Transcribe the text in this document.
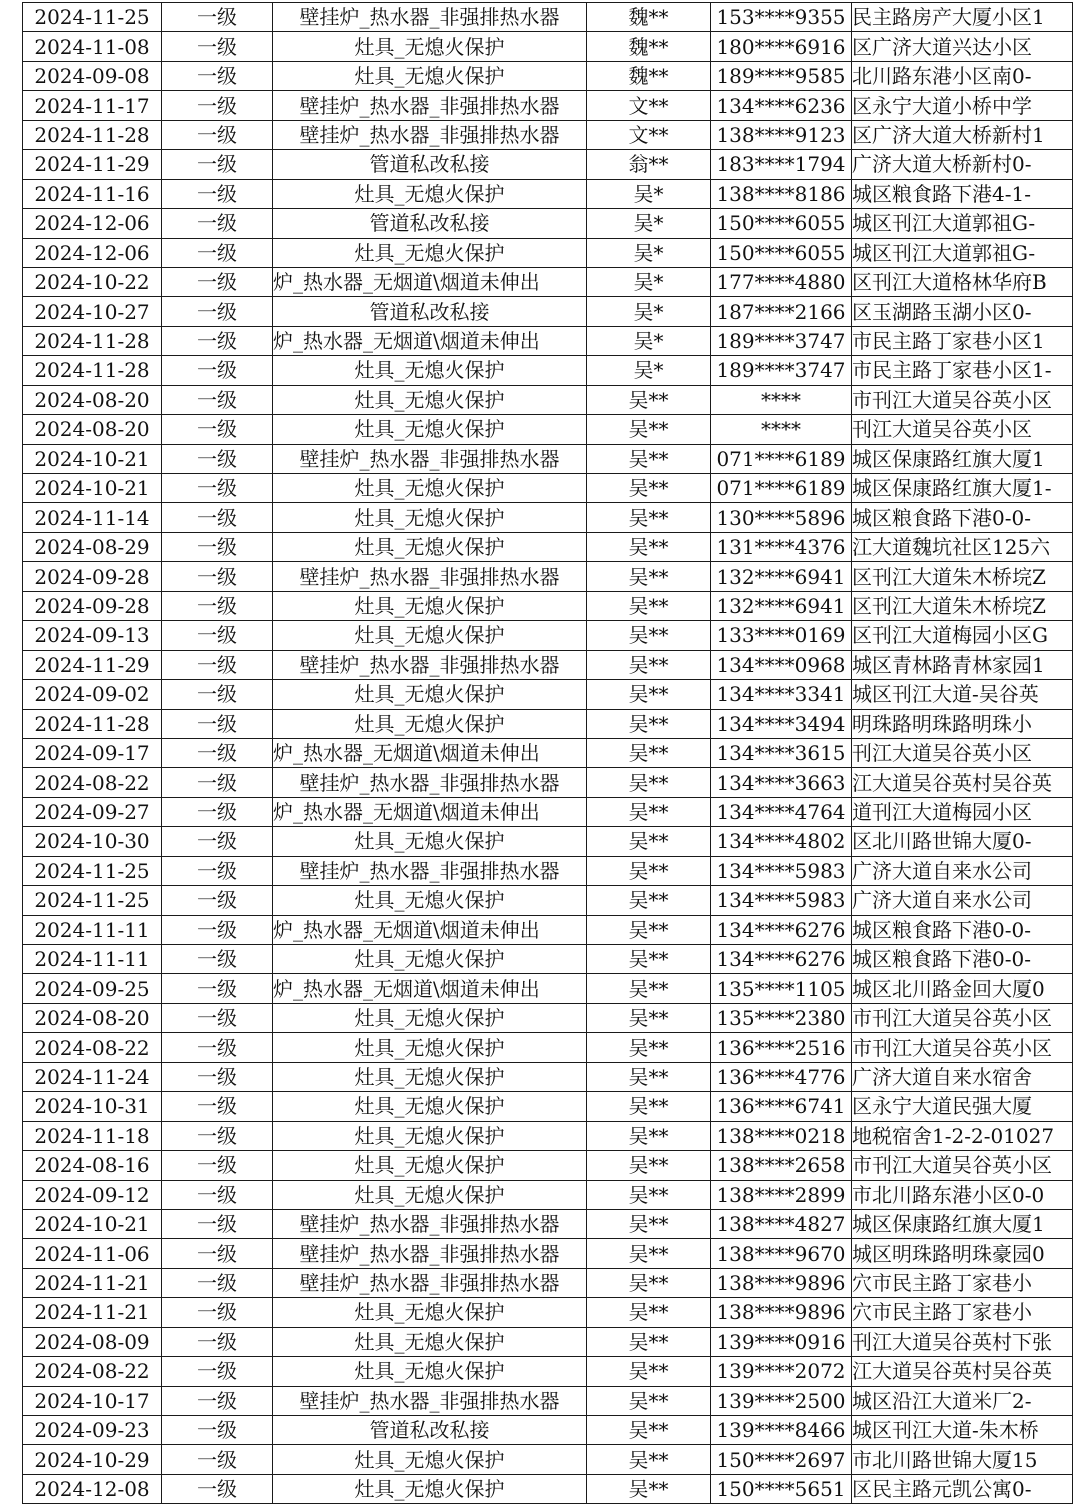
2024-11-25	一级	壁挂炉_热水器_非强排热水器	魏**	153****9355	民主路房产大厦小区1
2024-11-08	一级	灶具_无熄火保护	魏**	180****6916	区广济大道兴达小区
2024-09-08	一级	灶具_无熄火保护	魏**	189****9585	北川路东港小区南0-
2024-11-17	一级	壁挂炉_热水器_非强排热水器	文**	134****6236	区永宁大道小桥中学
2024-11-28	一级	壁挂炉_热水器_非强排热水器	文**	138****9123	区广济大道大桥新村1
2024-11-29	一级	管道私改私接	翁**	183****1794	广济大道大桥新村0-
2024-11-16	一级	灶具_无熄火保护	吴*	138****8186	城区粮食路下港4-1-
2024-12-06	一级	管道私改私接	吴*	150****6055	城区刊江大道郭祖G-
2024-12-06	一级	灶具_无熄火保护	吴*	150****6055	城区刊江大道郭祖G-
2024-10-22	一级	炉_热水器_无烟道\烟道未伸出	吴*	177****4880	区刊江大道格林华府B
2024-10-27	一级	管道私改私接	吴*	187****2166	区玉湖路玉湖小区0-
2024-11-28	一级	炉_热水器_无烟道\烟道未伸出	吴*	189****3747	市民主路丁家巷小区1
2024-11-28	一级	灶具_无熄火保护	吴*	189****3747	市民主路丁家巷小区1-
2024-08-20	一级	灶具_无熄火保护	吴**	****	市刊江大道吴谷英小区
2024-08-20	一级	灶具_无熄火保护	吴**	****	刊江大道吴谷英小区
2024-10-21	一级	壁挂炉_热水器_非强排热水器	吴**	071****6189	城区保康路红旗大厦1
2024-10-21	一级	灶具_无熄火保护	吴**	071****6189	城区保康路红旗大厦1-
2024-11-14	一级	灶具_无熄火保护	吴**	130****5896	城区粮食路下港0-0-
2024-08-29	一级	灶具_无熄火保护	吴**	131****4376	江大道魏坑社区125六
2024-09-28	一级	壁挂炉_热水器_非强排热水器	吴**	132****6941	区刊江大道朱木桥垸Z
2024-09-28	一级	灶具_无熄火保护	吴**	132****6941	区刊江大道朱木桥垸Z
2024-09-13	一级	灶具_无熄火保护	吴**	133****0169	区刊江大道梅园小区G
2024-11-29	一级	壁挂炉_热水器_非强排热水器	吴**	134****0968	城区青林路青林家园1
2024-09-02	一级	灶具_无熄火保护	吴**	134****3341	城区刊江大道-吴谷英
2024-11-28	一级	灶具_无熄火保护	吴**	134****3494	明珠路明珠路明珠小
2024-09-17	一级	炉_热水器_无烟道\烟道未伸出	吴**	134****3615	刊江大道吴谷英小区
2024-08-22	一级	壁挂炉_热水器_非强排热水器	吴**	134****3663	江大道吴谷英村吴谷英
2024-09-27	一级	炉_热水器_无烟道\烟道未伸出	吴**	134****4764	道刊江大道梅园小区
2024-10-30	一级	灶具_无熄火保护	吴**	134****4802	区北川路世锦大厦0-
2024-11-25	一级	壁挂炉_热水器_非强排热水器	吴**	134****5983	广济大道自来水公司
2024-11-25	一级	灶具_无熄火保护	吴**	134****5983	广济大道自来水公司
2024-11-11	一级	炉_热水器_无烟道\烟道未伸出	吴**	134****6276	城区粮食路下港0-0-
2024-11-11	一级	灶具_无熄火保护	吴**	134****6276	城区粮食路下港0-0-
2024-09-25	一级	炉_热水器_无烟道\烟道未伸出	吴**	135****1105	城区北川路金回大厦0
2024-08-20	一级	灶具_无熄火保护	吴**	135****2380	市刊江大道吴谷英小区
2024-08-22	一级	灶具_无熄火保护	吴**	136****2516	市刊江大道吴谷英小区
2024-11-24	一级	灶具_无熄火保护	吴**	136****4776	广济大道自来水宿舍
2024-10-31	一级	灶具_无熄火保护	吴**	136****6741	区永宁大道民强大厦
2024-11-18	一级	灶具_无熄火保护	吴**	138****0218	地税宿舍1-2-2-01027
2024-08-16	一级	灶具_无熄火保护	吴**	138****2658	市刊江大道吴谷英小区
2024-09-12	一级	灶具_无熄火保护	吴**	138****2899	市北川路东港小区0-0
2024-10-21	一级	壁挂炉_热水器_非强排热水器	吴**	138****4827	城区保康路红旗大厦1
2024-11-06	一级	壁挂炉_热水器_非强排热水器	吴**	138****9670	城区明珠路明珠豪园0
2024-11-21	一级	壁挂炉_热水器_非强排热水器	吴**	138****9896	穴市民主路丁家巷小
2024-11-21	一级	灶具_无熄火保护	吴**	138****9896	穴市民主路丁家巷小
2024-08-09	一级	灶具_无熄火保护	吴**	139****0916	刊江大道吴谷英村下张
2024-08-22	一级	灶具_无熄火保护	吴**	139****2072	江大道吴谷英村吴谷英
2024-10-17	一级	壁挂炉_热水器_非强排热水器	吴**	139****2500	城区沿江大道米厂2-
2024-09-23	一级	管道私改私接	吴**	139****8466	城区刊江大道-朱木桥
2024-10-29	一级	灶具_无熄火保护	吴**	150****2697	市北川路世锦大厦15
2024-12-08	一级	灶具_无熄火保护	吴**	150****5651	区民主路元凯公寓0-
